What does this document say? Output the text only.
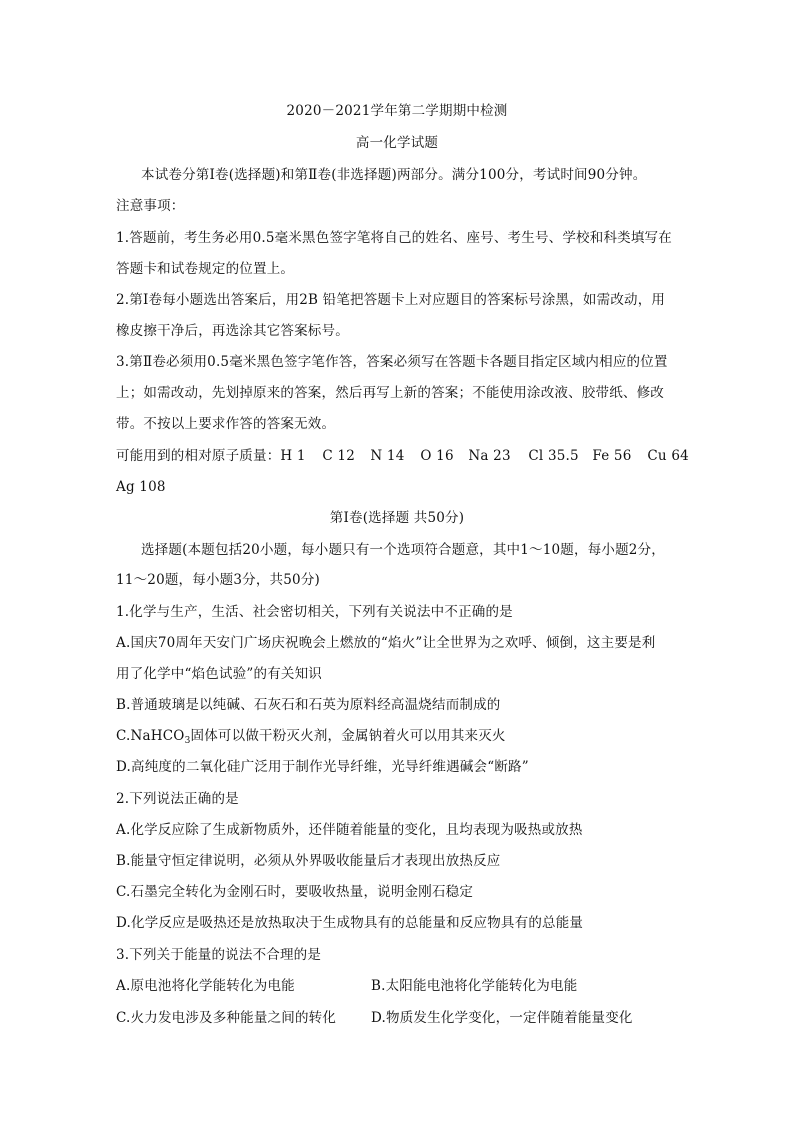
2020－2021学年第二学期期中检测
高一化学试题
本试卷分第Ⅰ卷(选择题)和第Ⅱ卷(非选择题)两部分。满分100分，考试时间90分钟。
注意事项：
1.答题前，考生务必用0.5毫米黑色签字笔将自己的姓名、座号、考生号、学校和科类填写在
答题卡和试卷规定的位置上。
2.第Ⅰ卷每小题选出答案后，用2B 铅笔把答题卡上对应题目的答案标号涂黑，如需改动，用
橡皮擦干净后，再选涂其它答案标号。
3.第Ⅱ卷必须用0.5毫米黑色签字笔作答，答案必须写在答题卡各题目指定区域内相应的位置
上；如需改动，先划掉原来的答案，然后再写上新的答案；不能使用涂改液、胶带纸、修改
带。不按以上要求作答的答案无效。
可能用到的相对原子质量： H 1	C 12	N 14	O 16	Na 23	Cl 35.5	Fe 56	Cu 64
Ag 108
第Ⅰ卷(选择题 共50分)
选择题(本题包括20小题，每小题只有一个选项符合题意，其中1～10题，每小题2分，
11～20题，每小题3分，共50分)
1.化学与生产，生活、社会密切相关，下列有关说法中不正确的是
A.国庆70周年天安门广场庆祝晚会上燃放的“焰火”让全世界为之欢呼、倾倒，这主要是利
用了化学中“焰色试验”的有关知识
B.普通玻璃是以纯碱、石灰石和石英为原料经高温烧结而制成的
C.NaHCO$_3$固体可以做干粉灭火剂，金属钠着火可以用其来灭火
D.高纯度的二氧化硅广泛用于制作光导纤维，光导纤维遇碱会“断路”
2.下列说法正确的是
A.化学反应除了生成新物质外，还伴随着能量的变化，且均表现为吸热或放热
B.能量守恒定律说明，必须从外界吸收能量后才表现出放热反应
C.石墨完全转化为金刚石时，要吸收热量，说明金刚石稳定
D.化学反应是吸热还是放热取决于生成物具有的总能量和反应物具有的总能量
3.下列关于能量的说法不合理的是
A.原电池将化学能转化为电能	B.太阳能电池将化学能转化为电能
C.火力发电涉及多种能量之间的转化	D.物质发生化学变化，一定伴随着能量变化
